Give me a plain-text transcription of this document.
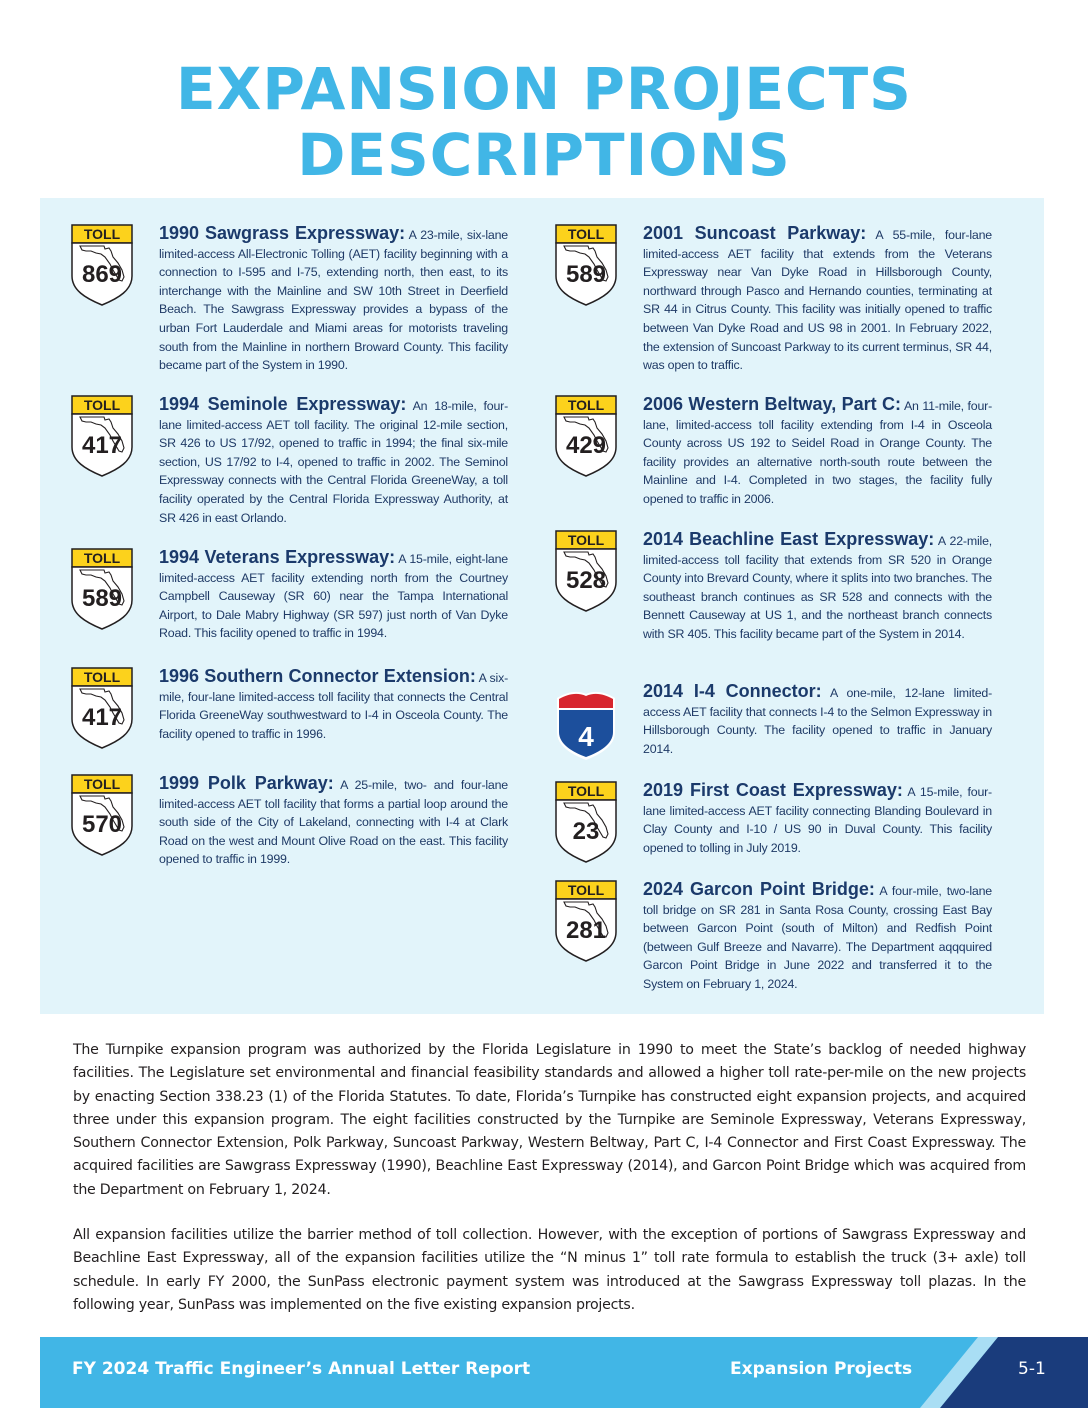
EXPANSION PROJECTS
DESCRIPTIONS
TOLL
869
1990 Sawgrass Expressway: A 23-mile, six-lane limited-access All-Electronic Tolling (AET) facility beginning with a connection to I-595 and I-75, extending north, then east, to its interchange with the Mainline and SW 10th Street in Deerfield Beach. The Sawgrass Expressway provides a bypass of the urban Fort Lauderdale and Miami areas for motorists traveling south from the Mainline in northern Broward County. This facility became part of the System in 1990.
TOLL
417
1994 Seminole Expressway: An 18-mile, four-lane limited-access AET toll facility. The original 12-mile section, SR 426 to US 17/92, opened to traffic in 1994; the final six-mile section, US 17/92 to I-4, opened to traffic in 2002. The Seminol Expressway connects with the Central Florida GreeneWay, a toll facility operated by the Central Florida Expressway Authority, at SR 426 in east Orlando.
TOLL
589
1994 Veterans Expressway: A 15-mile, eight-lane limited-access AET facility extending north from the Courtney Campbell Causeway (SR 60) near the Tampa International Airport, to Dale Mabry Highway (SR 597) just north of Van Dyke Road. This facility opened to traffic in 1994.
TOLL
417
1996 Southern Connector Extension: A six-mile, four-lane limited-access toll facility that connects the Central Florida GreeneWay southwestward to I-4 in Osceola County. The facility opened to traffic in 1996.
TOLL
570
1999 Polk Parkway: A 25-mile, two- and four-lane limited-access AET toll facility that forms a partial loop around the south side of the City of Lakeland, connecting with I-4 at Clark Road on the west and Mount Olive Road on the east. This facility opened to traffic in 1999.
TOLL
589
2001 Suncoast Parkway: A 55-mile, four-lane limited-access AET facility that extends from the Veterans Expressway near Van Dyke Road in Hillsborough County, northward through Pasco and Hernando counties, terminating at SR 44 in Citrus County. This facility was initially opened to traffic between Van Dyke Road and US 98 in 2001. In February 2022, the extension of Suncoast Parkway to its current terminus, SR 44, was open to traffic.
TOLL
429
2006 Western Beltway, Part C: An 11-mile, four-lane, limited-access toll facility extending from I-4 in Osceola County across US 192 to Seidel Road in Orange County. The facility provides an alternative north-south route between the Mainline and I-4. Completed in two stages, the facility fully opened to traffic in 2006.
TOLL
528
2014 Beachline East Expressway: A 22-mile, limited-access toll facility that extends from SR 520 in Orange County into Brevard County, where it splits into two branches. The southeast branch continues as SR 528 and connects with the Bennett Causeway at US 1, and the northeast branch connects with SR 405. This facility became part of the System in 2014.
4
2014 I-4 Connector: A one-mile, 12-lane limited-access AET facility that connects I-4 to the Selmon Expressway in Hillsborough County. The facility opened to traffic in January 2014.
TOLL
23
2019 First Coast Expressway: A 15-mile, four-lane limited-access AET facility connecting Blanding Boulevard in Clay County and I-10 / US 90 in Duval County. This facility opened to tolling in July 2019.
TOLL
281
2024 Garcon Point Bridge: A four-mile, two-lane toll bridge on SR 281 in Santa Rosa County, crossing East Bay between Garcon Point (south of Milton) and Redfish Point (between Gulf Breeze and Navarre). The Department aqqquired Garcon Point Bridge in June 2022 and transferred it to the System on February 1, 2024.
The Turnpike expansion program was authorized by the Florida Legislature in 1990 to meet the State’s backlog of needed highway facilities. The Legislature set environmental and financial feasibility standards and allowed a higher toll rate-per-mile on the new projects by enacting Section 338.23 (1) of the Florida Statutes. To date, Florida’s Turnpike has constructed eight expansion projects, and acquired three under this expansion program. The eight facilities constructed by the Turnpike are Seminole Expressway, Veterans Expressway, Southern Connector Extension, Polk Parkway, Suncoast Parkway, Western Beltway, Part C, I-4 Connector and First Coast Expressway. The acquired facilities are Sawgrass Expressway (1990), Beachline East Expressway (2014), and Garcon Point Bridge which was acquired from the Department on February 1, 2024.
All expansion facilities utilize the barrier method of toll collection. However, with the exception of portions of Sawgrass Expressway and Beachline East Expressway, all of the expansion facilities utilize the “N minus 1” toll rate formula to establish the truck (3+ axle) toll schedule. In early FY 2000, the SunPass electronic payment system was introduced at the Sawgrass Expressway toll plazas. In the following year, SunPass was implemented on the five existing expansion projects.
FY 2024 Traffic Engineer’s Annual Letter Report	Expansion Projects	5-1
